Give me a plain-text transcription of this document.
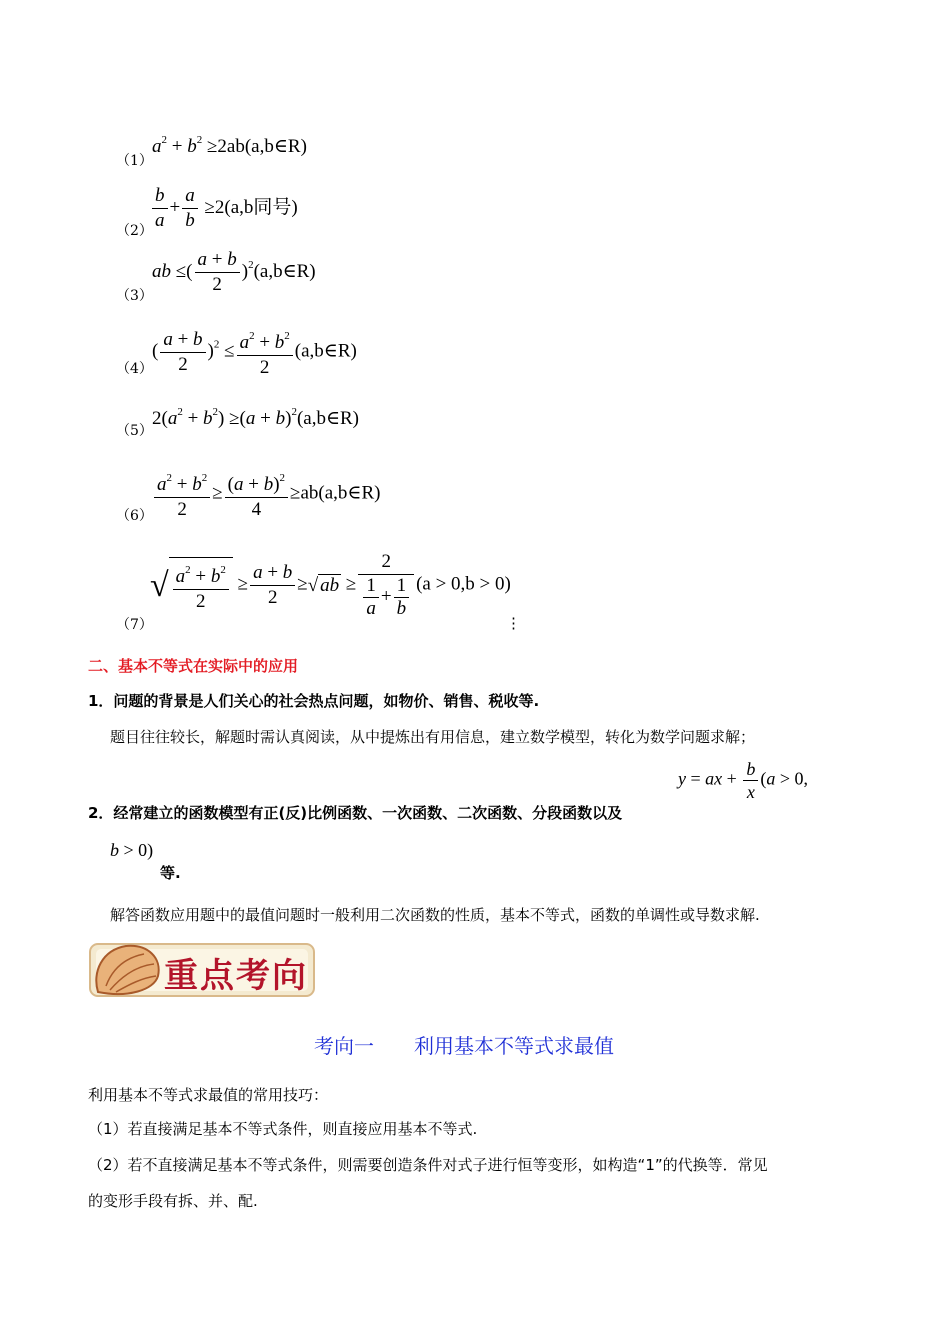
（1）
$a^2 + b^2$ ≥2ab(a,b∈R)
$(2) \frac{b}{a} + \frac{a}{b} \ge 2(a,b$同号)
（3）
ab ≤( $\frac{a + b}{2}$ )$^2$(a,b∈R)
（4）
( $\frac{a + b}{2} )^2 \le \frac{a^2 + b^2}{2}$ (a,b∈R)
（5）
$2(a^2 + b^2) \ge(a$ + $b)^2(a,b\in R)$
$(6) \frac{a^2 + b^2}{2} \ge \frac{(a + b)^2}{4}$ ≥ab(a,b∈R)
（7）
√ $\frac{a^2 + b^2}{2} \ge \frac{a + b}{2}$ ≥√ ab ≥ $\frac{2}{\frac{1}{a} + \frac{1}{b}} (a > 0,b > 0)$
⋮
二、基本不等式在实际中的应用
1．问题的背景是人们关心的社会热点问题，如物价、销售、税收等.
题目往往较长，解题时需认真阅读，从中提炼出有用信息，建立数学模型，转化为数学问题求解；
y = ax + $\frac{b}{x} (a > 0$,
2．经常建立的函数模型有正(反)比例函数、一次函数、二次函数、分段函数以及
b > 0)
等.
解答函数应用题中的最值问题时一般利用二次函数的性质，基本不等式，函数的单调性或导数求解.
重点考向
考向一　　利用基本不等式求最值
利用基本不等式求最值的常用技巧：
（1）若直接满足基本不等式条件，则直接应用基本不等式.
（2）若不直接满足基本不等式条件，则需要创造条件对式子进行恒等变形，如构造“1”的代换等．常见
的变形手段有拆、并、配.
